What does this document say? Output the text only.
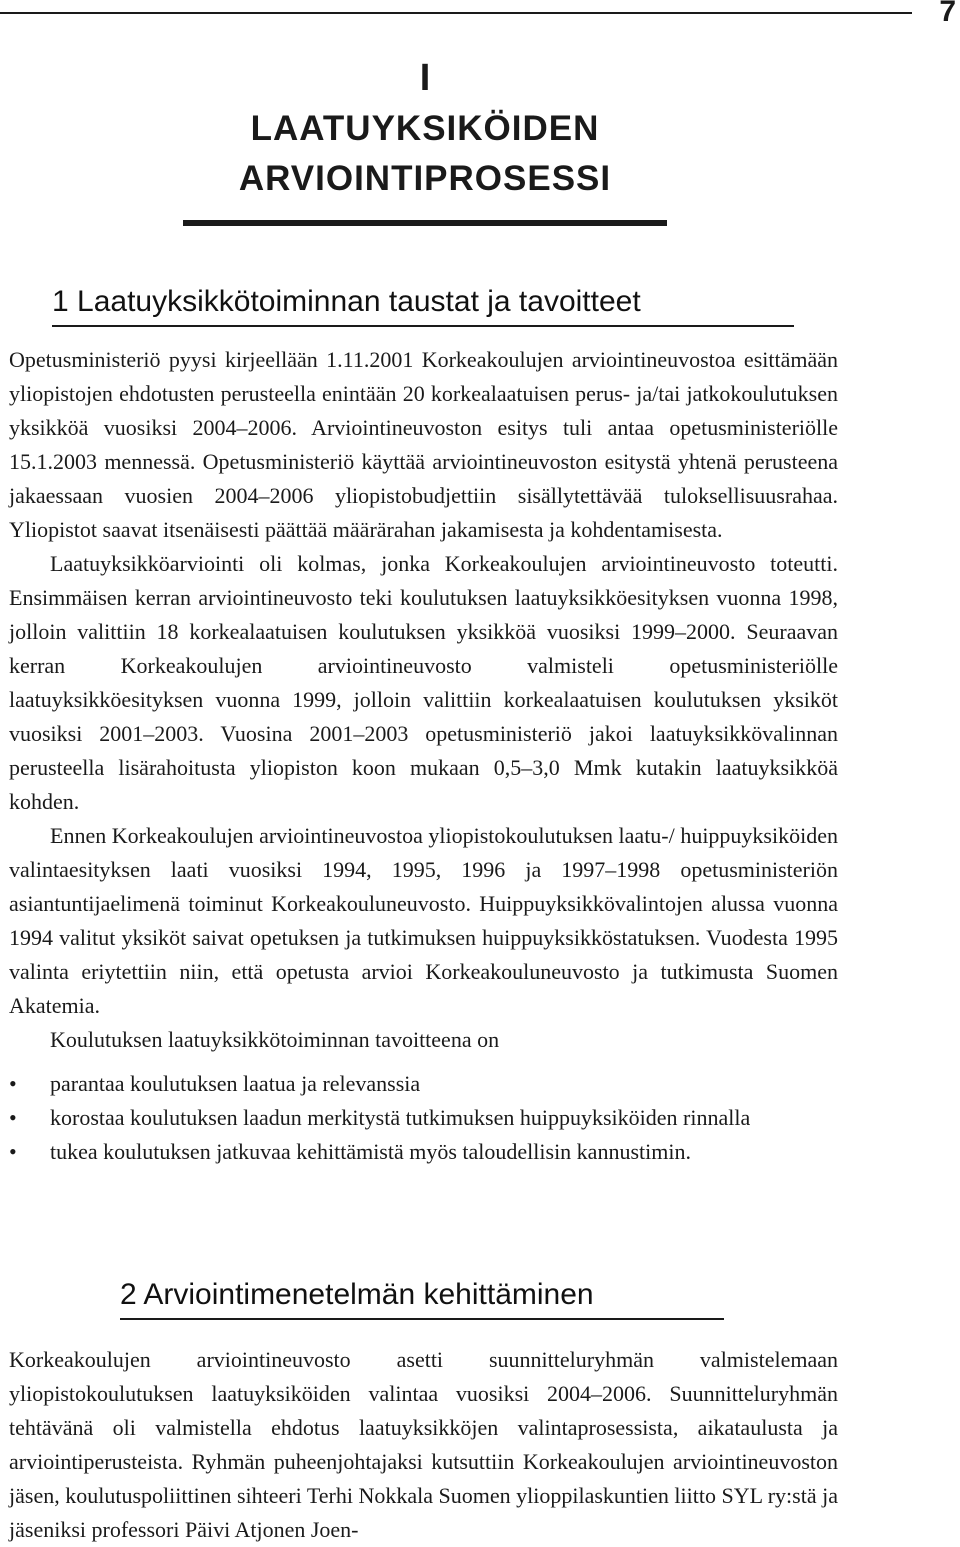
7
I
LAATUYKSIKÖIDEN
ARVIOINTIPROSESSI
1 Laatuyksikkötoiminnan taustat ja tavoitteet

Opetusministeriö pyysi kirjeellään 1.11.2001 Korkeakoulujen arviointineuvostoa esittämään yliopistojen ehdotusten perusteella enintään 20 korkealaatuisen perus- ja/tai jatkokoulutuksen yksikköä vuosiksi 2004–2006. Arviointineuvoston esitys tuli antaa opetusministeriölle 15.1.2003 mennessä. Opetusministeriö käyttää arviointineuvoston esitystä yhtenä perusteena jakaessaan vuosien 2004–2006 yliopistobudjettiin sisällytettävää tuloksellisuusrahaa. Yliopistot saavat itsenäisesti päättää määrärahan jakamisesta ja kohdentamisesta.

Laatuyksikköarviointi oli kolmas, jonka Korkeakoulujen arviointineuvosto toteutti. Ensimmäisen kerran arviointineuvosto teki koulutuksen laatuyksikköesityksen vuonna 1998, jolloin valittiin 18 korkealaatuisen koulutuksen yksikköä vuosiksi 1999–2000. Seuraavan kerran Korkeakoulujen arviointineuvosto valmisteli opetusministeriölle laatuyksikköesityksen vuonna 1999, jolloin valittiin korkealaatuisen koulutuksen yksiköt vuosiksi 2001–2003. Vuosina 2001–2003 opetusministeriö jakoi laatuyksikkövalinnan perusteella lisärahoitusta yliopiston koon mukaan 0,5–3,0 Mmk kutakin laatuyksikköä kohden.

Ennen Korkeakoulujen arviointineuvostoa yliopistokoulutuksen laatu-/ huippuyksiköiden valintaesityksen laati vuosiksi 1994, 1995, 1996 ja 1997–1998 opetusministeriön asiantuntijaelimenä toiminut Korkeakouluneuvosto. Huippuyksikkövalintojen alussa vuonna 1994 valitut yksiköt saivat opetuksen ja tutkimuksen huippuyksikköstatuksen. Vuodesta 1995 valinta eriytettiin niin, että opetusta arvioi Korkeakouluneuvosto ja tutkimusta Suomen Akatemia.

Koulutuksen laatuyksikkötoiminnan tavoitteena on

• parantaa koulutuksen laatua ja relevanssia
• korostaa koulutuksen laadun merkitystä tutkimuksen huippuyksiköiden rinnalla
• tukea koulutuksen jatkuvaa kehittämistä myös taloudellisin kannustimin.
2 Arviointimenetelmän kehittäminen

Korkeakoulujen arviointineuvosto asetti suunnitteluryhmän valmistelemaan yliopistokoulutuksen laatuyksiköiden valintaa vuosiksi 2004–2006. Suunnitteluryhmän tehtävänä oli valmistella ehdotus laatuyksikköjen valintaprosessista, aikataulusta ja arviointiperusteista. Ryhmän puheenjohtajaksi kutsuttiin Korkeakoulujen arviointineuvoston jäsen, koulutuspoliittinen sihteeri Terhi Nokkala Suomen ylioppilaskuntien liitto SYL ry:stä ja jäseniksi professori Päivi Atjonen Joen-
